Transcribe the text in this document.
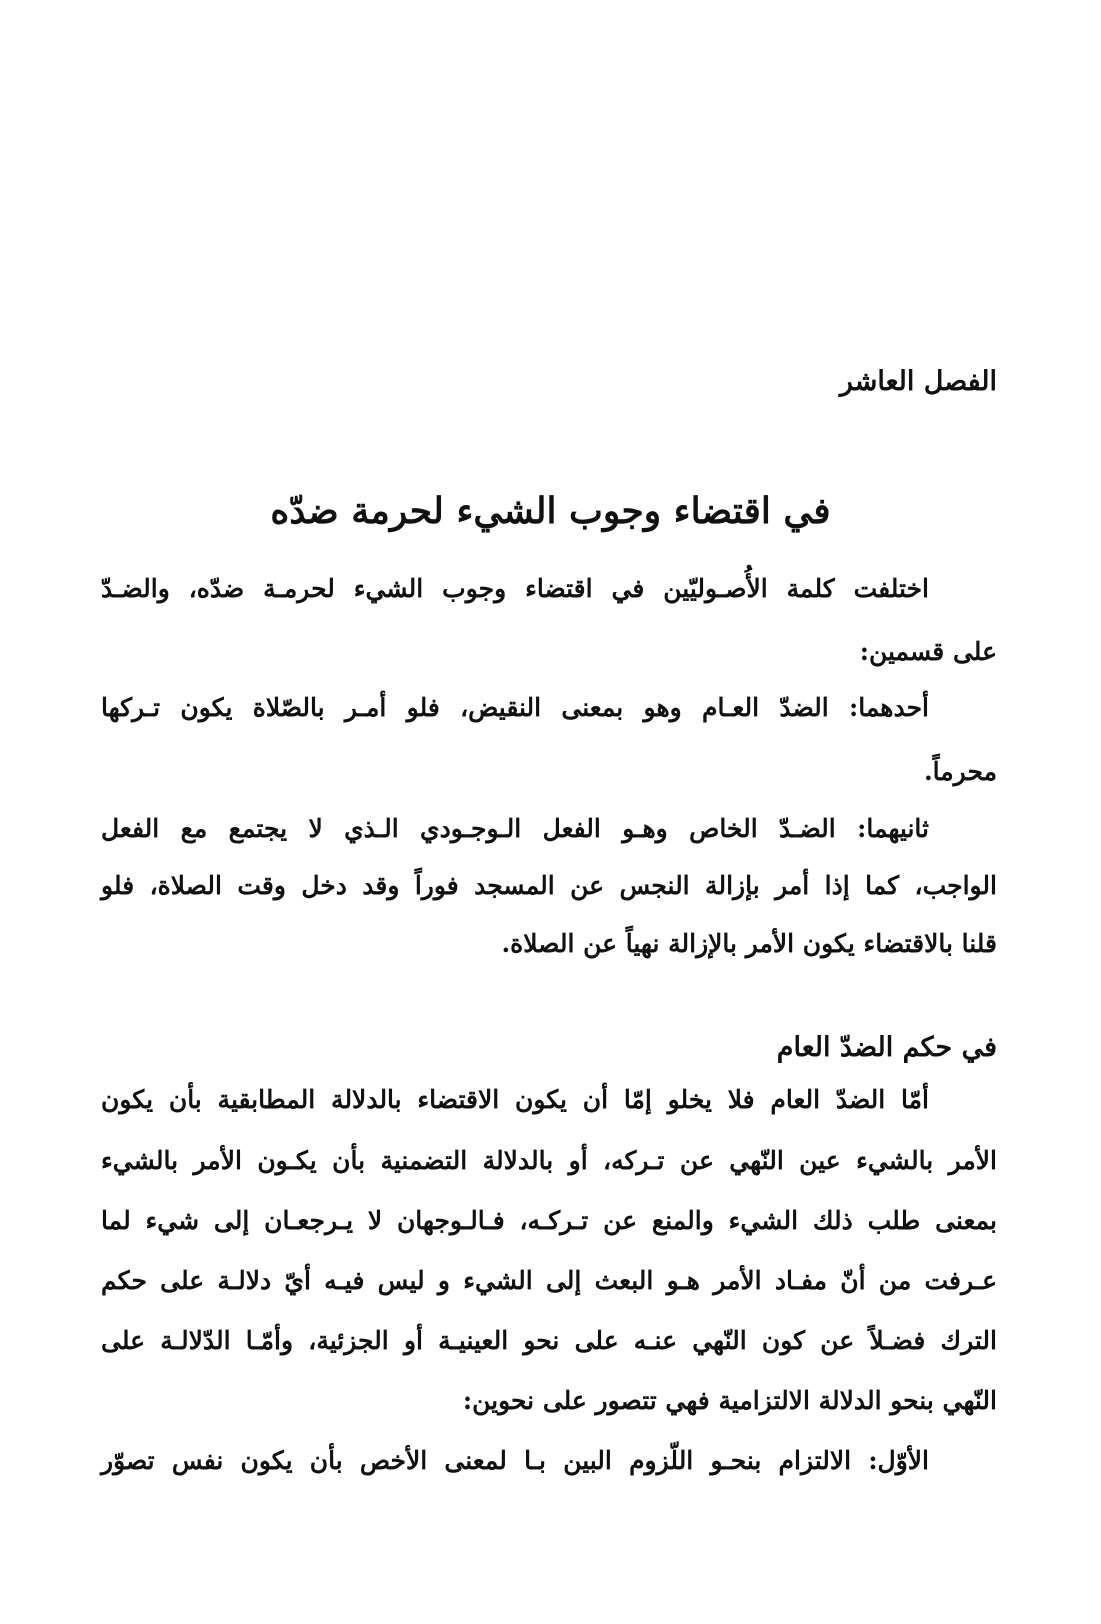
الفصل العاشر
في اقتضاء وجوب الشيء لحرمة ضدّه
اختلفت كلمة الأُصـوليّين في اقتضاء وجوب الشيء لحرمـة ضدّه، والضـدّ
على قسمين:
أحدهما: الضدّ العـام وهو بمعنى النقيض، فلو أمـر بالصّلاة يكون تـركها
محرماً.
ثانيهما: الضـدّ الخاص وهـو الفعل الـوجـودي الـذي لا يجتمع مع الفعل
الواجب، كما إذا أمر بإزالة النجس عن المسجد فوراً وقد دخل وقت الصلاة، فلو
قلنا بالاقتضاء يكون الأمر بالإزالة نهياً عن الصلاة.
في حكم الضدّ العام
أمّا الضدّ العام فلا يخلو إمّا أن يكون الاقتضاء بالدلالة المطابقية بأن يكون
الأمر بالشيء عين النّهي عن تـركه، أو بالدلالة التضمنية بأن يكـون الأمر بالشيء
بمعنى طلب ذلك الشيء والمنع عن تـركـه، فـالـوجهان لا يـرجعـان إلى شيء لما
عـرفت من أنّ مفـاد الأمر هـو البعث إلى الشيء و ليس فيـه أيّ دلالـة على حكم
الترك فضـلاً عن كون النّهي عنـه على نحو العينيـة أو الجزئية، وأمّـا الدّلالـة على
النّهي بنحو الدلالة الالتزامية فهي تتصور على نحوين:
الأوّل: الالتزام بنحـو اللّزوم البين بـا لمعنى الأخص بأن يكون نفس تصوّر
